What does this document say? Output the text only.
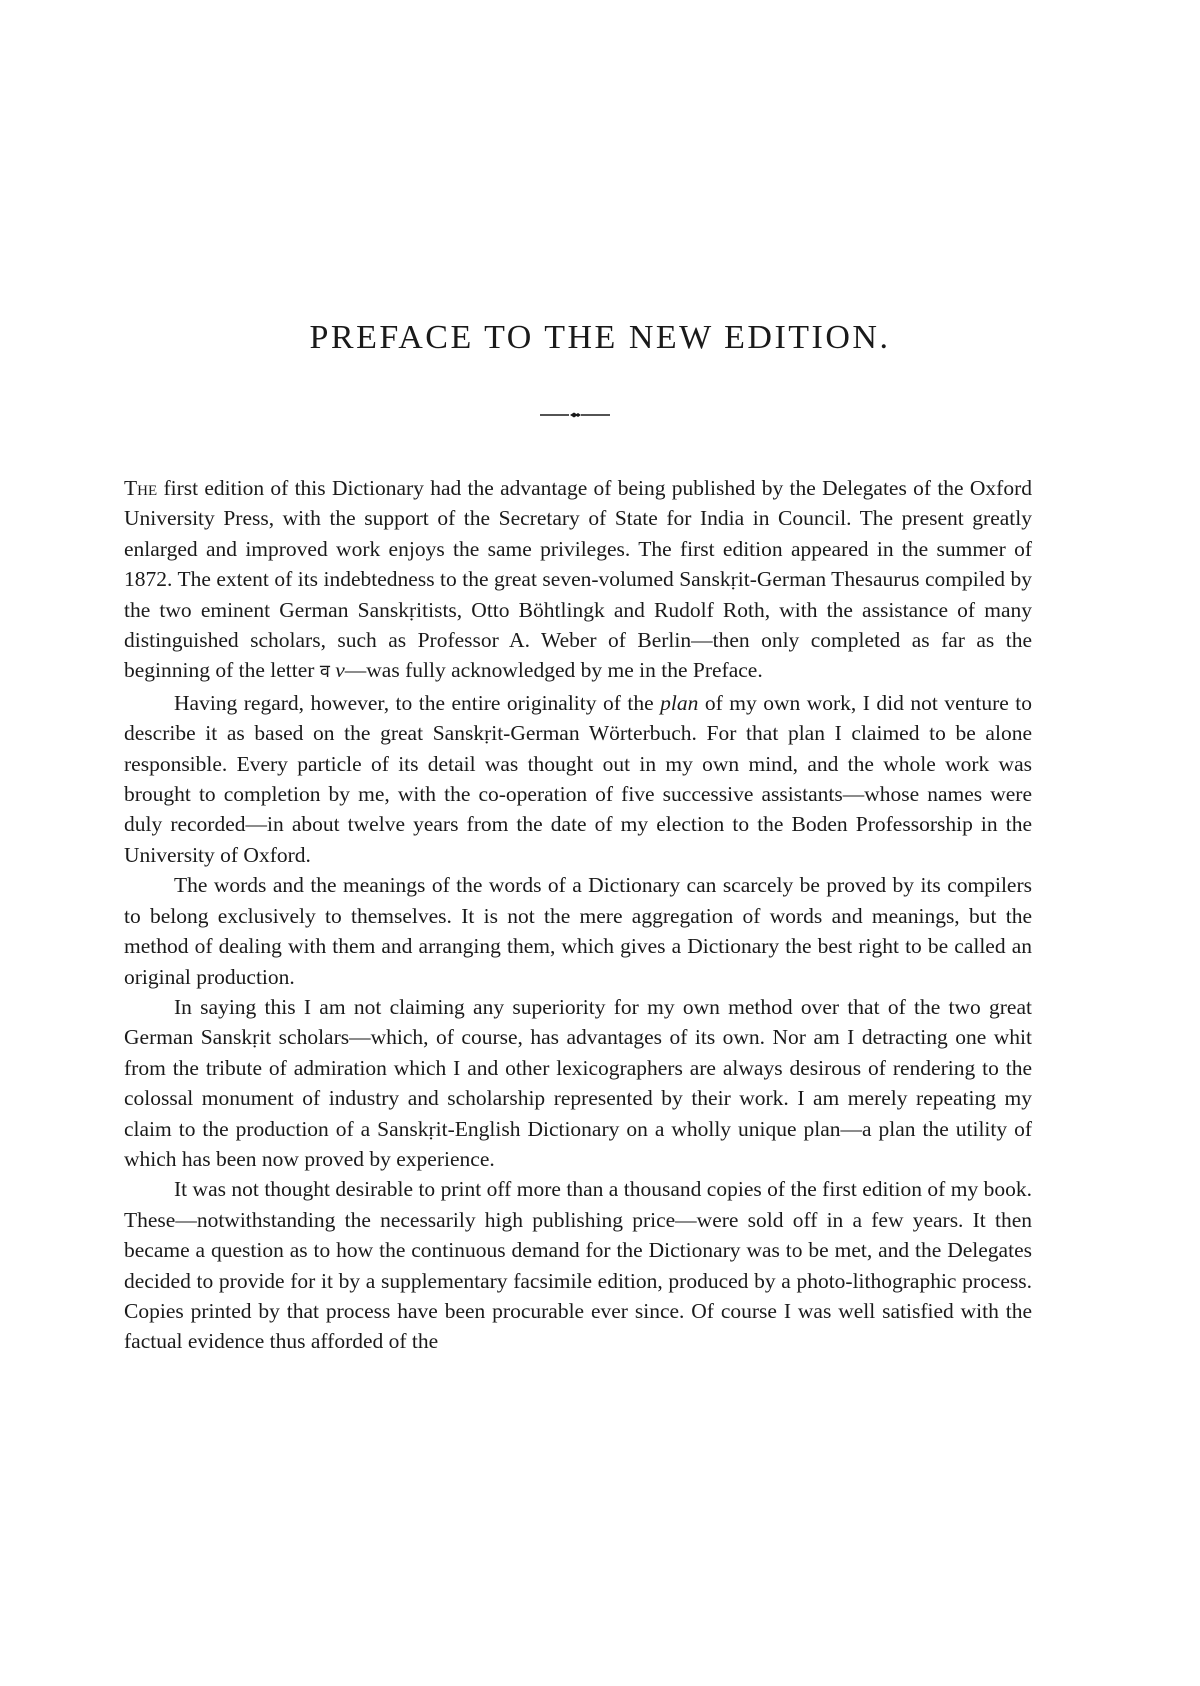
PREFACE TO THE NEW EDITION.

The first edition of this Dictionary had the advantage of being published by the Delegates of the Oxford University Press, with the support of the Secretary of State for India in Council. The present greatly enlarged and improved work enjoys the same privileges. The first edition appeared in the summer of 1872. The extent of its indebtedness to the great seven-volumed Sanskṛit-German Thesaurus compiled by the two eminent German Sanskṛitists, Otto Böhtlingk and Rudolf Roth, with the assistance of many distinguished scholars, such as Professor A. Weber of Berlin—then only completed as far as the beginning of the letter व v—was fully acknowledged by me in the Preface.

Having regard, however, to the entire originality of the plan of my own work, I did not venture to describe it as based on the great Sanskṛit-German Wörterbuch. For that plan I claimed to be alone responsible. Every particle of its detail was thought out in my own mind, and the whole work was brought to completion by me, with the co-operation of five successive assistants—whose names were duly recorded—in about twelve years from the date of my election to the Boden Professorship in the University of Oxford.

The words and the meanings of the words of a Dictionary can scarcely be proved by its compilers to belong exclusively to themselves. It is not the mere aggregation of words and meanings, but the method of dealing with them and arranging them, which gives a Dictionary the best right to be called an original production.

In saying this I am not claiming any superiority for my own method over that of the two great German Sanskṛit scholars—which, of course, has advantages of its own. Nor am I detracting one whit from the tribute of admiration which I and other lexicographers are always desirous of rendering to the colossal monument of industry and scholarship represented by their work. I am merely repeating my claim to the production of a Sanskṛit-English Dictionary on a wholly unique plan—a plan the utility of which has been now proved by experience.

It was not thought desirable to print off more than a thousand copies of the first edition of my book. These—notwithstanding the necessarily high publishing price—were sold off in a few years. It then became a question as to how the continuous demand for the Dictionary was to be met, and the Delegates decided to provide for it by a supplementary facsimile edition, produced by a photo-lithographic process. Copies printed by that process have been procurable ever since. Of course I was well satisfied with the factual evidence thus afforded of the
